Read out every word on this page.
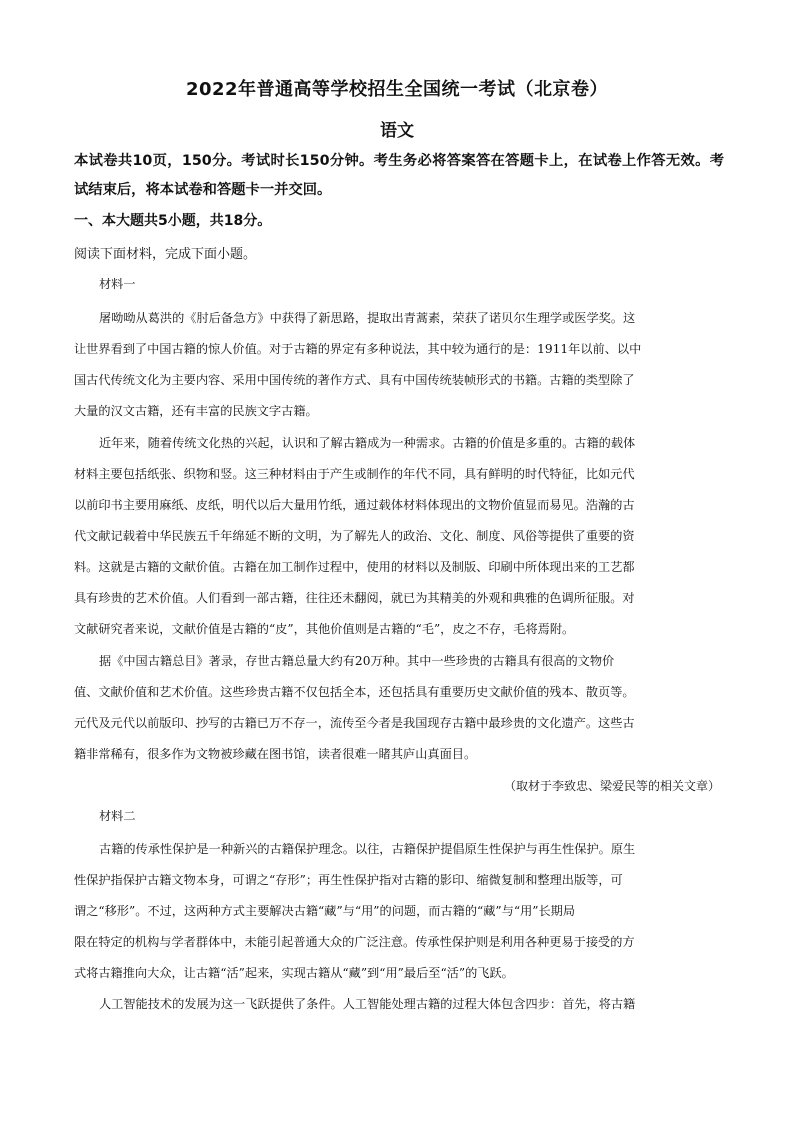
2022年普通高等学校招生全国统一考试（北京卷）
语文

本试卷共10页，150分。考试时长150分钟。考生务必将答案答在答题卡上，在试卷上作答无效。考试结束后，将本试卷和答题卡一并交回。

一、本大题共5小题，共18分。

阅读下面材料，完成下面小题。

材料一

屠呦呦从葛洪的《肘后备急方》中获得了新思路，提取出青蒿素，荣获了诺贝尔生理学或医学奖。这

让世界看到了中国古籍的惊人价值。对于古籍的界定有多种说法，其中较为通行的是：1911年以前、以中

国古代传统文化为主要内容、采用中国传统的著作方式、具有中国传统装帧形式的书籍。古籍的类型除了

大量的汉文古籍，还有丰富的民族文字古籍。

近年来，随着传统文化热的兴起，认识和了解古籍成为一种需求。古籍的价值是多重的。古籍的载体

材料主要包括纸张、织物和竖。这三种材料由于产生或制作的年代不同，具有鲜明的时代特征，比如元代

以前印书主要用麻纸、皮纸，明代以后大量用竹纸，通过载体材料体现出的文物价值显而易见。浩瀚的古

代文献记载着中华民族五千年绵延不断的文明，为了解先人的政治、文化、制度、风俗等提供了重要的资

料。这就是古籍的文献价值。古籍在加工制作过程中，使用的材料以及制版、印刷中所体现出来的工艺都

具有珍贵的艺术价值。人们看到一部古籍，往往还未翻阅，就已为其精美的外观和典雅的色调所征服。对

文献研究者来说，文献价值是古籍的“皮”，其他价值则是古籍的“毛”，皮之不存，毛将焉附。

据《中国古籍总目》著录，存世古籍总量大约有20万种。其中一些珍贵的古籍具有很高的文物价

值、文献价值和艺术价值。这些珍贵古籍不仅包括全本，还包括具有重要历史文献价值的残本、散页等。

元代及元代以前版印、抄写的古籍已万不存一，流传至今者是我国现存古籍中最珍贵的文化遗产。这些古

籍非常稀有，很多作为文物被珍藏在图书馆，读者很难一睹其庐山真面目。

（取材于李致忠、梁爱民等的相关文章）

材料二

古籍的传承性保护是一种新兴的古籍保护理念。以往，古籍保护提倡原生性保护与再生性保护。原生

性保护指保护古籍文物本身，可谓之“存形”；再生性保护指对古籍的影印、缩微复制和整理出版等，可

谓之“移形”。不过，这两种方式主要解决古籍“藏”与“用”的问题，而古籍的“藏”与“用”长期局

限在特定的机构与学者群体中，未能引起普通大众的广泛注意。传承性保护则是利用各种更易于接受的方

式将古籍推向大众，让古籍“活”起来，实现古籍从“藏”到“用”最后至“活”的飞跃。

人工智能技术的发展为这一飞跃提供了条件。人工智能处理古籍的过程大体包含四步：首先，将古籍
